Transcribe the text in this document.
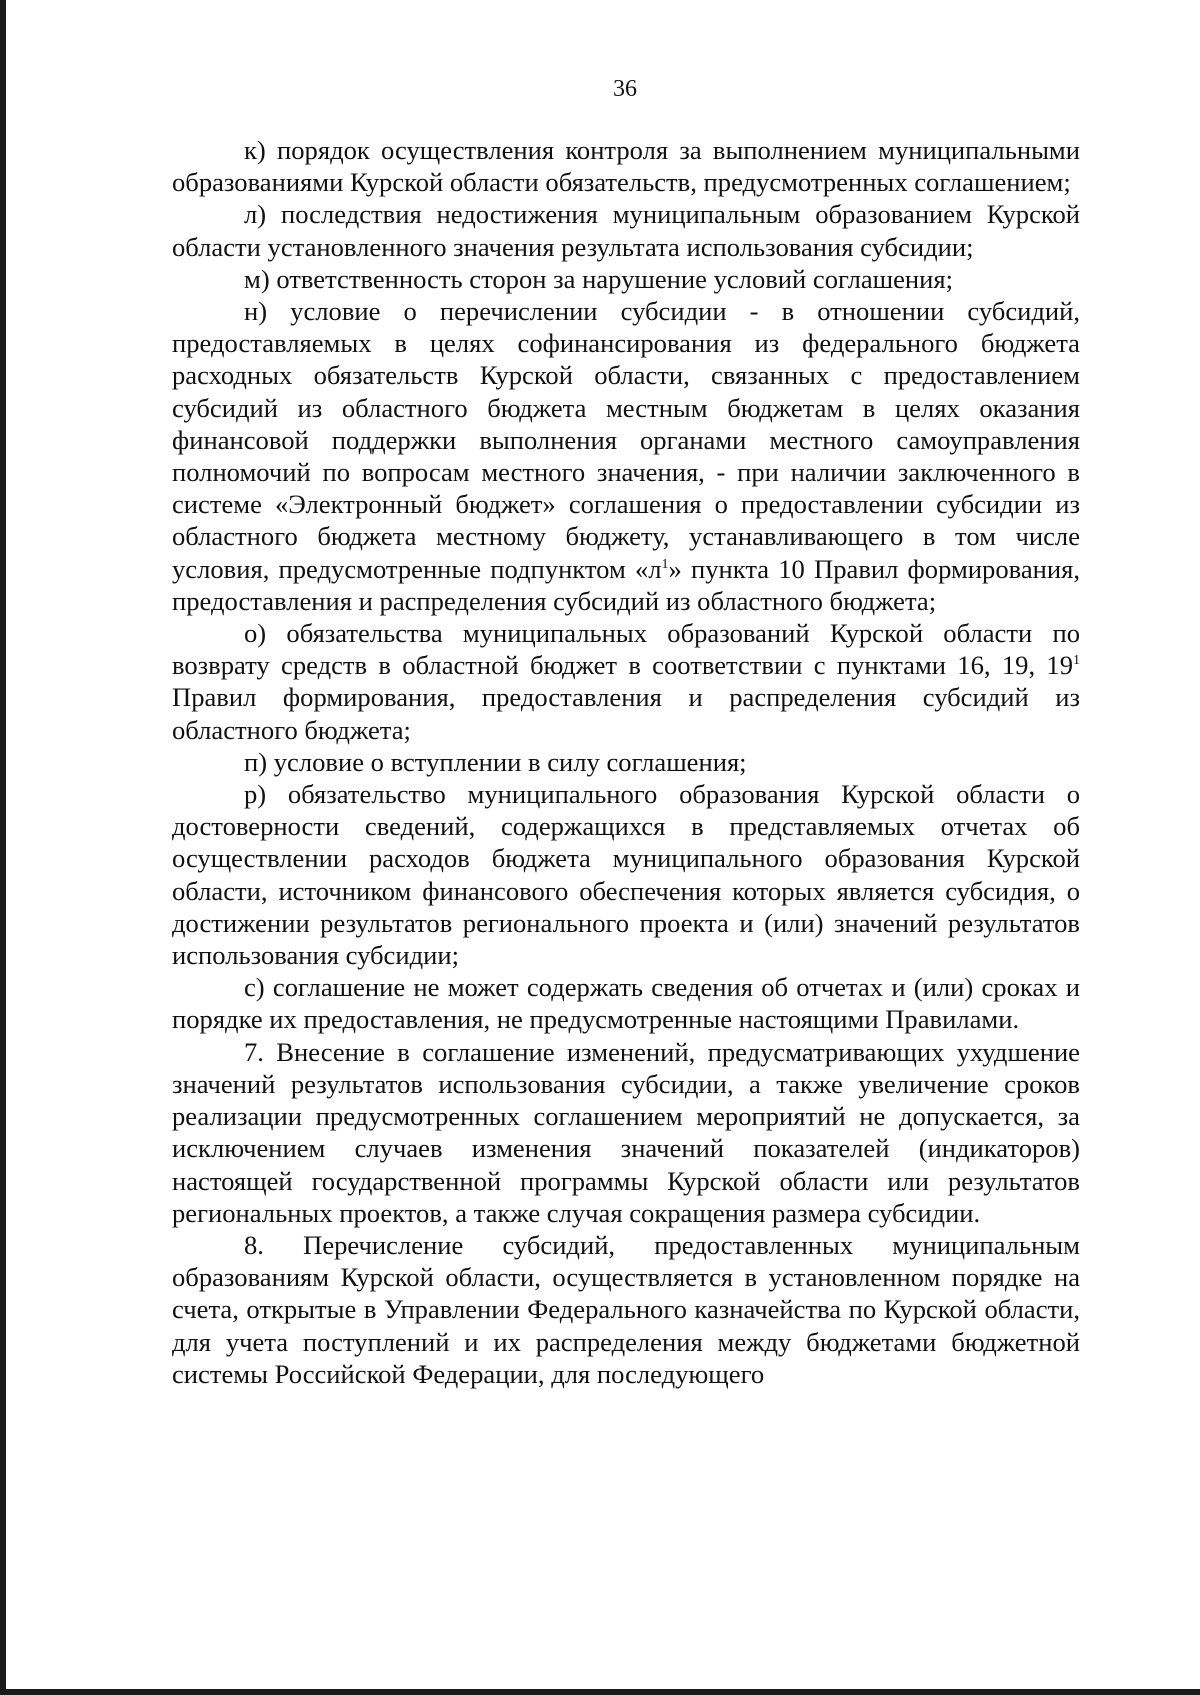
36

к) порядок осуществления контроля за выполнением муниципальными образованиями Курской области обязательств, предусмотренных соглашением;

л) последствия недостижения муниципальным образованием Курской области установленного значения результата использования субсидии;

м) ответственность сторон за нарушение условий соглашения;

н) условие о перечислении субсидии - в отношении субсидий, предоставляемых в целях софинансирования из федерального бюджета расходных обязательств Курской области, связанных с предоставлением субсидий из областного бюджета местным бюджетам в целях оказания финансовой поддержки выполнения органами местного самоуправления полномочий по вопросам местного значения, - при наличии заключенного в системе «Электронный бюджет» соглашения о предоставлении субсидии из областного бюджета местному бюджету, устанавливающего в том числе условия, предусмотренные подпунктом «$л^1$» пункта 10 Правил формирования, предоставления и распределения субсидий из областного бюджета;

о) обязательства муниципальных образований Курской области по возврату средств в областной бюджет в соответствии с пунктами 16, 19, $19^1$ Правил формирования, предоставления и распределения субсидий из областного бюджета;

п) условие о вступлении в силу соглашения;

р) обязательство муниципального образования Курской области о достоверности сведений, содержащихся в представляемых отчетах об осуществлении расходов бюджета муниципального образования Курской области, источником финансового обеспечения которых является субсидия, о достижении результатов регионального проекта и (или) значений результатов использования субсидии;

с) соглашение не может содержать сведения об отчетах и (или) сроках и порядке их предоставления, не предусмотренные настоящими Правилами.

7. Внесение в соглашение изменений, предусматривающих ухудшение значений результатов использования субсидии, а также увеличение сроков реализации предусмотренных соглашением мероприятий не допускается, за исключением случаев изменения значений показателей (индикаторов) настоящей государственной программы Курской области или результатов региональных проектов, а также случая сокращения размера субсидии.

8. Перечисление субсидий, предоставленных муниципальным образованиям Курской области, осуществляется в установленном порядке на счета, открытые в Управлении Федерального казначейства по Курской области, для учета поступлений и их распределения между бюджетами бюджетной системы Российской Федерации, для последующего
